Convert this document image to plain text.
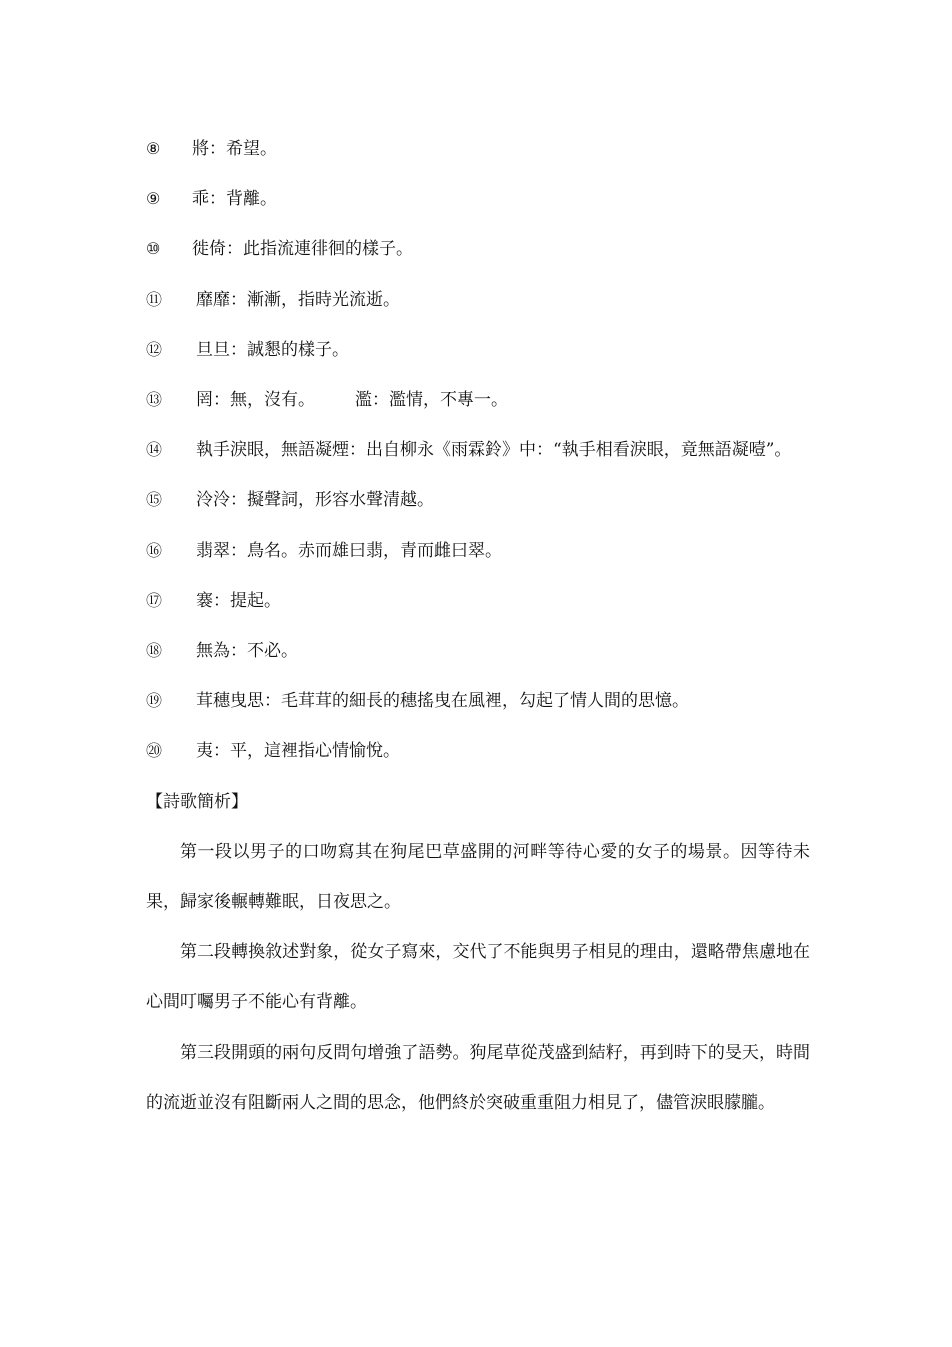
⑧	將：希望。
⑨	乖：背離。
⑩	徙倚：此指流連徘徊的樣子。
⑪	靡靡：漸漸，指時光流逝。
⑫	旦旦：誠懇的樣子。
⑬	罔：無，沒有。 濫：濫情，不專一。
⑭ 執手淚眼，無語凝煙：出自柳永《雨霖鈴》中：“執手相看淚眼，竟無語凝噎”。
⑮	泠泠：擬聲詞，形容水聲清越。
⑯	翡翠：鳥名。赤而雄曰翡，青而雌曰翠。
⑰	褰：提起。
⑱	無為：不必。
⑲	茸穗曳思：毛茸茸的細長的穗搖曳在風裡，勾起了情人間的思憶。
⑳	夷：平，這裡指心情愉悅。
【詩歌簡析】

第一段以男子的口吻寫其在狗尾巴草盛開的河畔等待心愛的女子的場景。因等待未果，歸家後輾轉難眠，日夜思之。

第二段轉換敘述對象，從女子寫來，交代了不能與男子相見的理由，還略帶焦慮地在心間叮囑男子不能心有背離。

第三段開頭的兩句反問句增強了語勢。狗尾草從茂盛到結籽，再到時下的旻天，時間的流逝並沒有阻斷兩人之間的思念，他們終於突破重重阻力相見了，儘管淚眼朦朧。
